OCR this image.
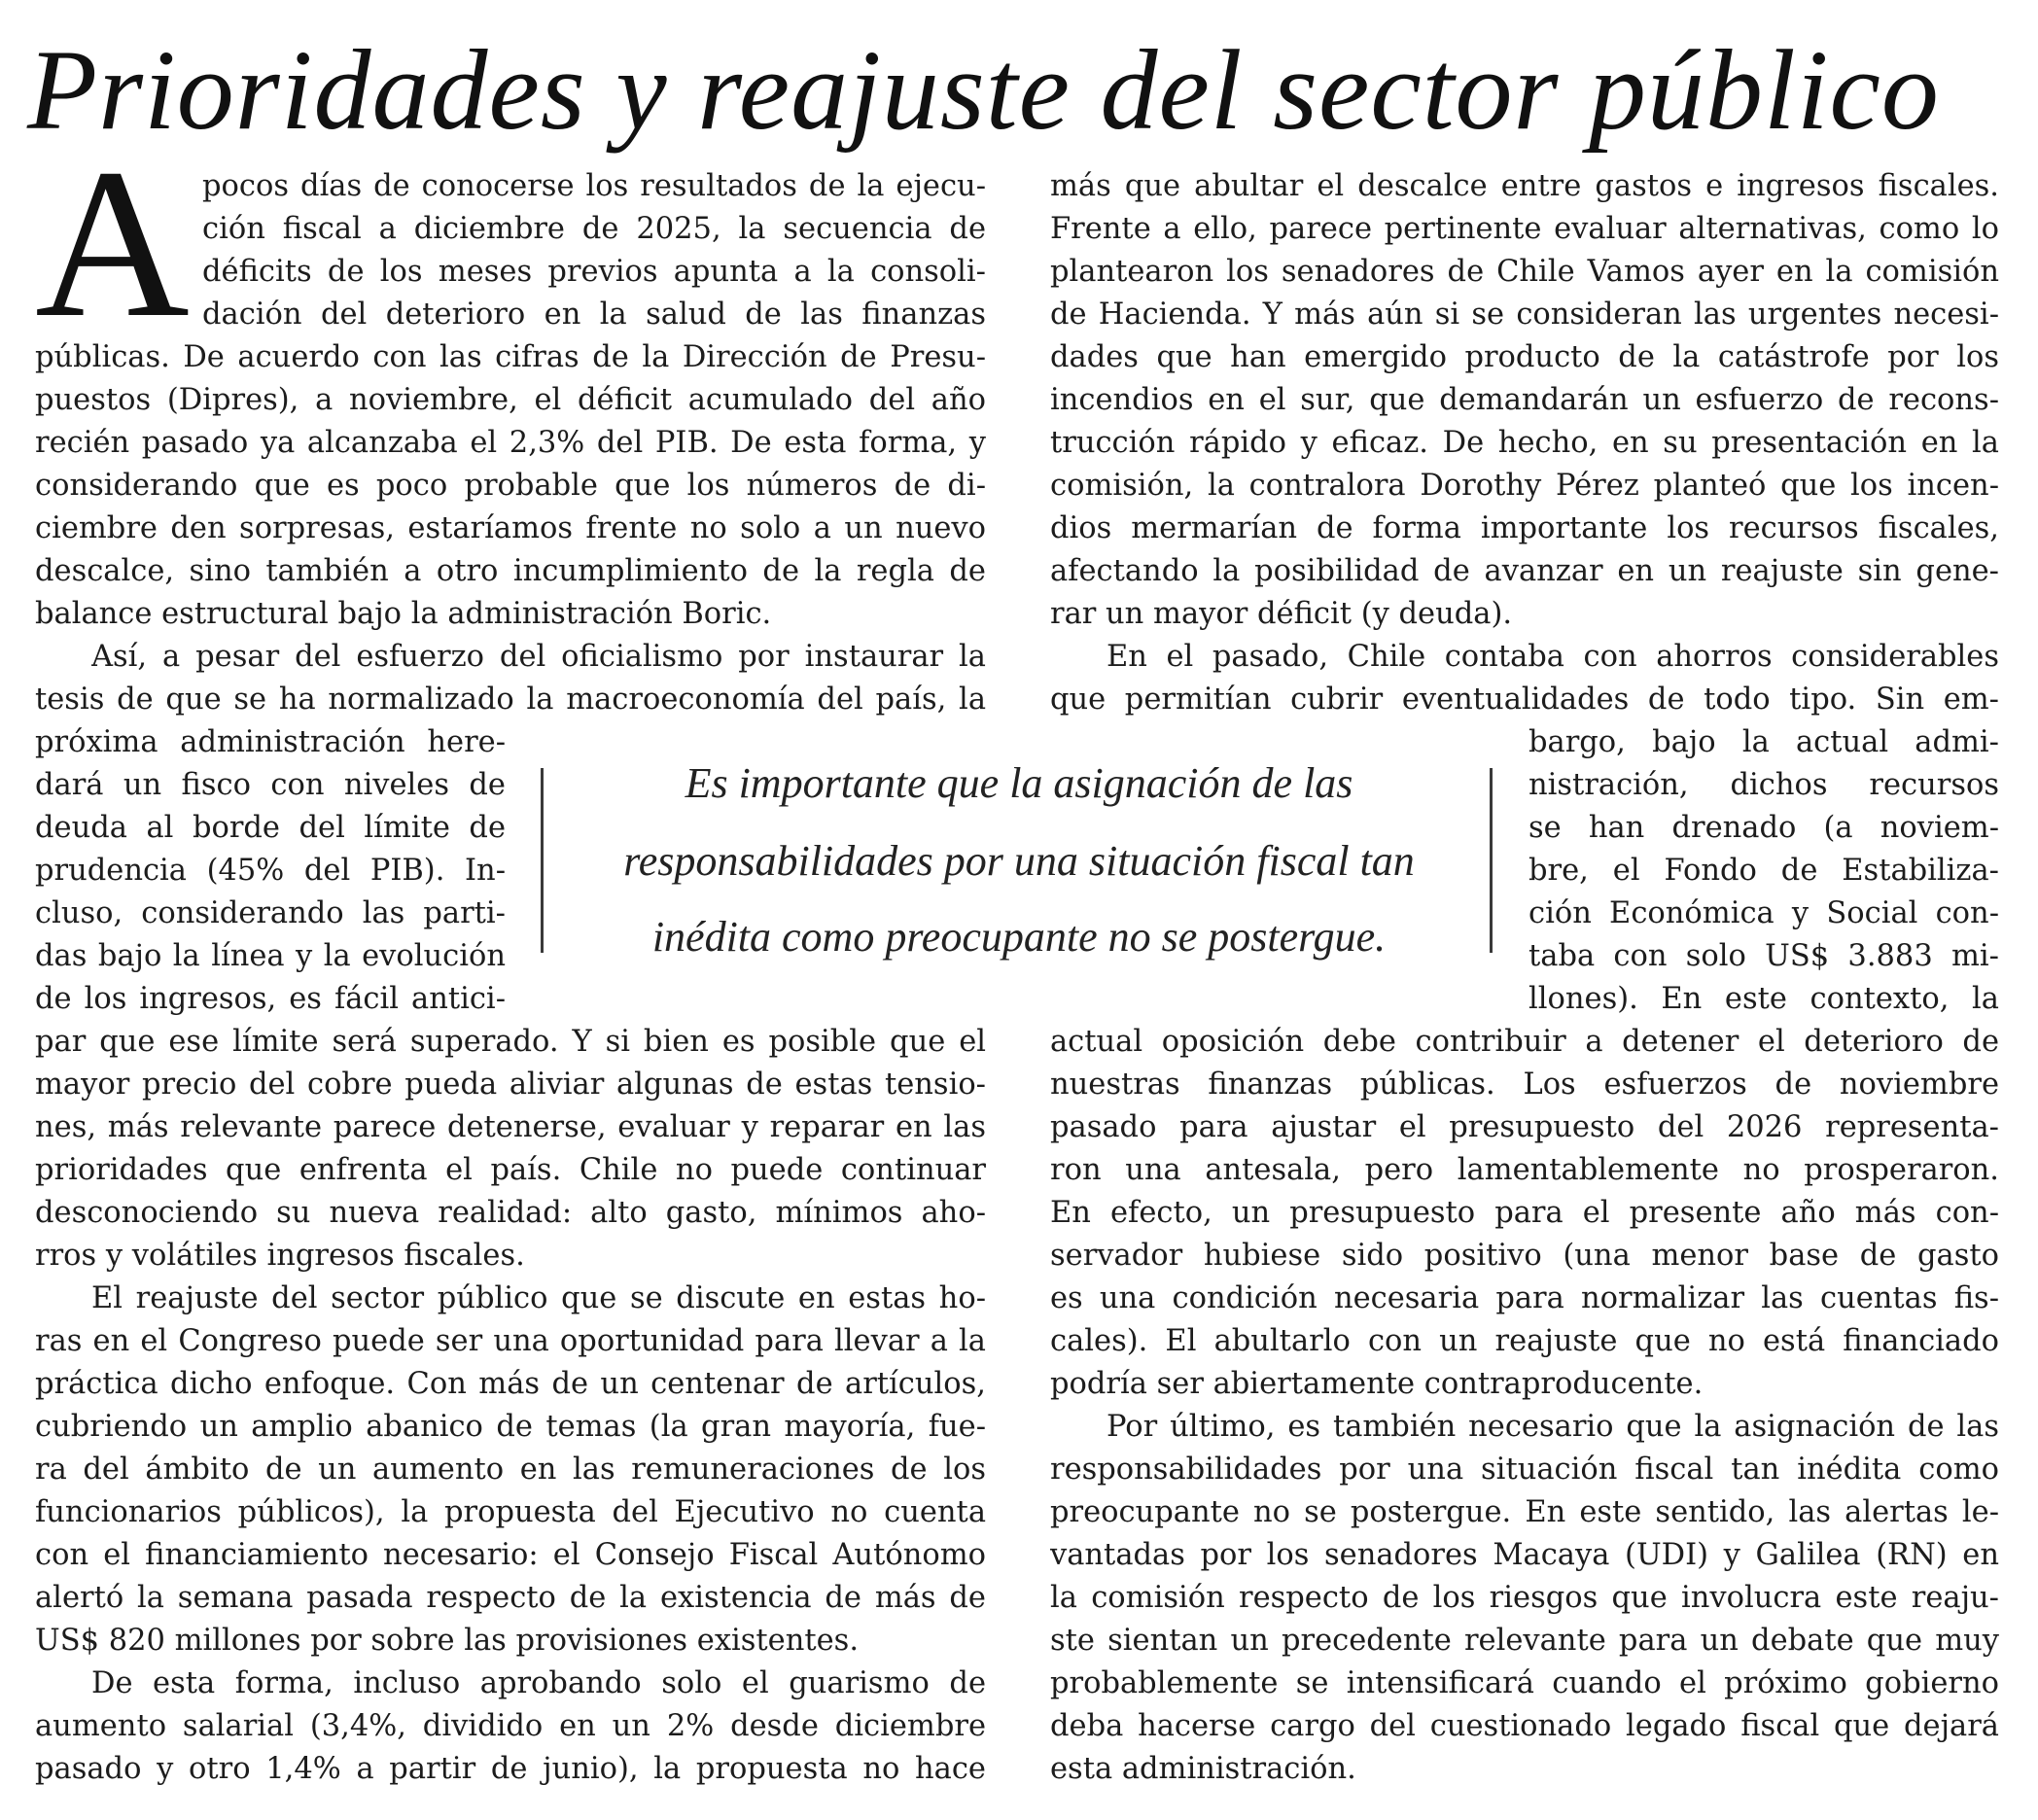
Prioridades y reajuste del sector público
A pocos días de conocerse los resultados de la ejecu-

ción fiscal a diciembre de 2025, la secuencia de

déficits de los meses previos apunta a la consoli-

dación del deterioro en la salud de las finanzas

públicas. De acuerdo con las cifras de la Dirección de Presu-

puestos (Dipres), a noviembre, el déficit acumulado del año

recién pasado ya alcanzaba el 2,3% del PIB. De esta forma, y

considerando que es poco probable que los números de di-

ciembre den sorpresas, estaríamos frente no solo a un nuevo

descalce, sino también a otro incumplimiento de la regla de

balance estructural bajo la administración Boric.

Así, a pesar del esfuerzo del oficialismo por instaurar la

tesis de que se ha normalizado la macroeconomía del país, la

próxima administración here-

dará un fisco con niveles de

deuda al borde del límite de

prudencia (45% del PIB). In-

cluso, considerando las parti-

das bajo la línea y la evolución

de los ingresos, es fácil antici-

par que ese límite será superado. Y si bien es posible que el

mayor precio del cobre pueda aliviar algunas de estas tensio-

nes, más relevante parece detenerse, evaluar y reparar en las

prioridades que enfrenta el país. Chile no puede continuar

desconociendo su nueva realidad: alto gasto, mínimos aho-

rros y volátiles ingresos fiscales.

El reajuste del sector público que se discute en estas ho-

ras en el Congreso puede ser una oportunidad para llevar a la

práctica dicho enfoque. Con más de un centenar de artículos,

cubriendo un amplio abanico de temas (la gran mayoría, fue-

ra del ámbito de un aumento en las remuneraciones de los

funcionarios públicos), la propuesta del Ejecutivo no cuenta

con el financiamiento necesario: el Consejo Fiscal Autónomo

alertó la semana pasada respecto de la existencia de más de

US$ 820 millones por sobre las provisiones existentes.

De esta forma, incluso aprobando solo el guarismo de

aumento salarial (3,4%, dividido en un 2% desde diciembre

pasado y otro 1,4% a partir de junio), la propuesta no hace

más que abultar el descalce entre gastos e ingresos fiscales.

Frente a ello, parece pertinente evaluar alternativas, como lo

plantearon los senadores de Chile Vamos ayer en la comisión

de Hacienda. Y más aún si se consideran las urgentes necesi-

dades que han emergido producto de la catástrofe por los

incendios en el sur, que demandarán un esfuerzo de recons-

trucción rápido y eficaz. De hecho, en su presentación en la

comisión, la contralora Dorothy Pérez planteó que los incen-

dios mermarían de forma importante los recursos fiscales,

afectando la posibilidad de avanzar en un reajuste sin gene-

rar un mayor déficit (y deuda).

En el pasado, Chile contaba con ahorros considerables

que permitían cubrir eventualidades de todo tipo. Sin em-

bargo, bajo la actual admi-

nistración, dichos recursos

se han drenado (a noviem-

bre, el Fondo de Estabiliza-

ción Económica y Social con-

taba con solo US$ 3.883 mi-

llones). En este contexto, la

actual oposición debe contribuir a detener el deterioro de

nuestras finanzas públicas. Los esfuerzos de noviembre

pasado para ajustar el presupuesto del 2026 representa-

ron una antesala, pero lamentablemente no prosperaron.

En efecto, un presupuesto para el presente año más con-

servador hubiese sido positivo (una menor base de gasto

es una condición necesaria para normalizar las cuentas fis-

cales). El abultarlo con un reajuste que no está financiado

podría ser abiertamente contraproducente.

Por último, es también necesario que la asignación de las

responsabilidades por una situación fiscal tan inédita como

preocupante no se postergue. En este sentido, las alertas le-

vantadas por los senadores Macaya (UDI) y Galilea (RN) en

la comisión respecto de los riesgos que involucra este reaju-

ste sientan un precedente relevante para un debate que muy

probablemente se intensificará cuando el próximo gobierno

deba hacerse cargo del cuestionado legado fiscal que dejará

esta administración.

Es importante que la asignación de las

responsabilidades por una situación fiscal tan

inédita como preocupante no se postergue.
